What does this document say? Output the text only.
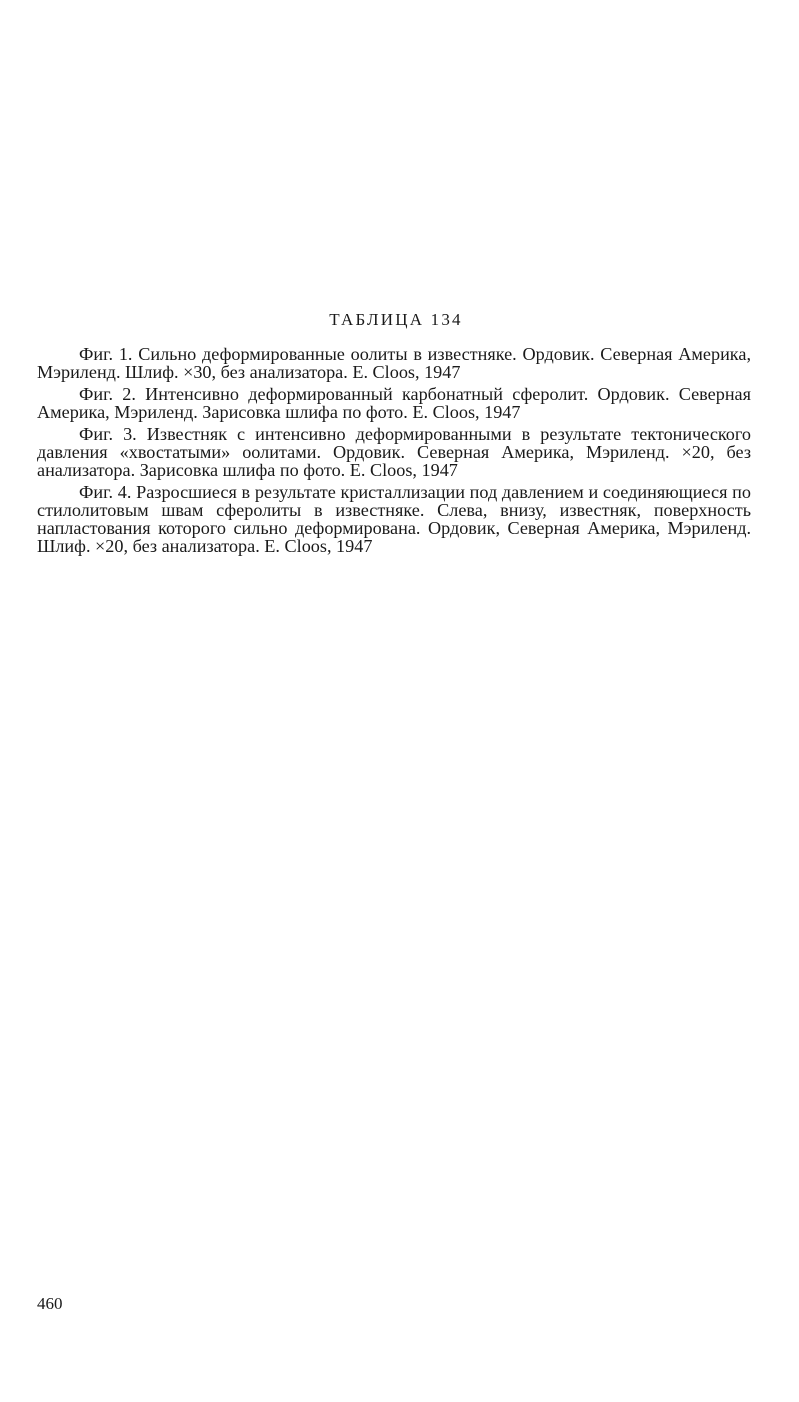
ТАБЛИЦА 134

Фиг. 1. Сильно деформированные оолиты в известняке. Ордовик. Северная Америка, Мэриленд. Шлиф. ×30, без анализатора. E. Cloos, 1947

Фиг. 2. Интенсивно деформированный карбонатный сферолит. Ордовик. Северная Америка, Мэриленд. Зарисовка шлифа по фото. E. Cloos, 1947

Фиг. 3. Известняк с интенсивно деформированными в результате тектонического давления «хвостатыми» оолитами. Ордовик. Северная Америка, Мэриленд. ×20, без анализатора. Зарисовка шлифа по фото. E. Cloos, 1947

Фиг. 4. Разросшиеся в результате кристаллизации под давлением и соединяющиеся по стилолитовым швам сферолиты в известняке. Слева, внизу, известняк, поверхность напластования которого сильно деформирована. Ордовик, Северная Америка, Мэриленд. Шлиф. ×20, без анализатора. E. Cloos, 1947

460
